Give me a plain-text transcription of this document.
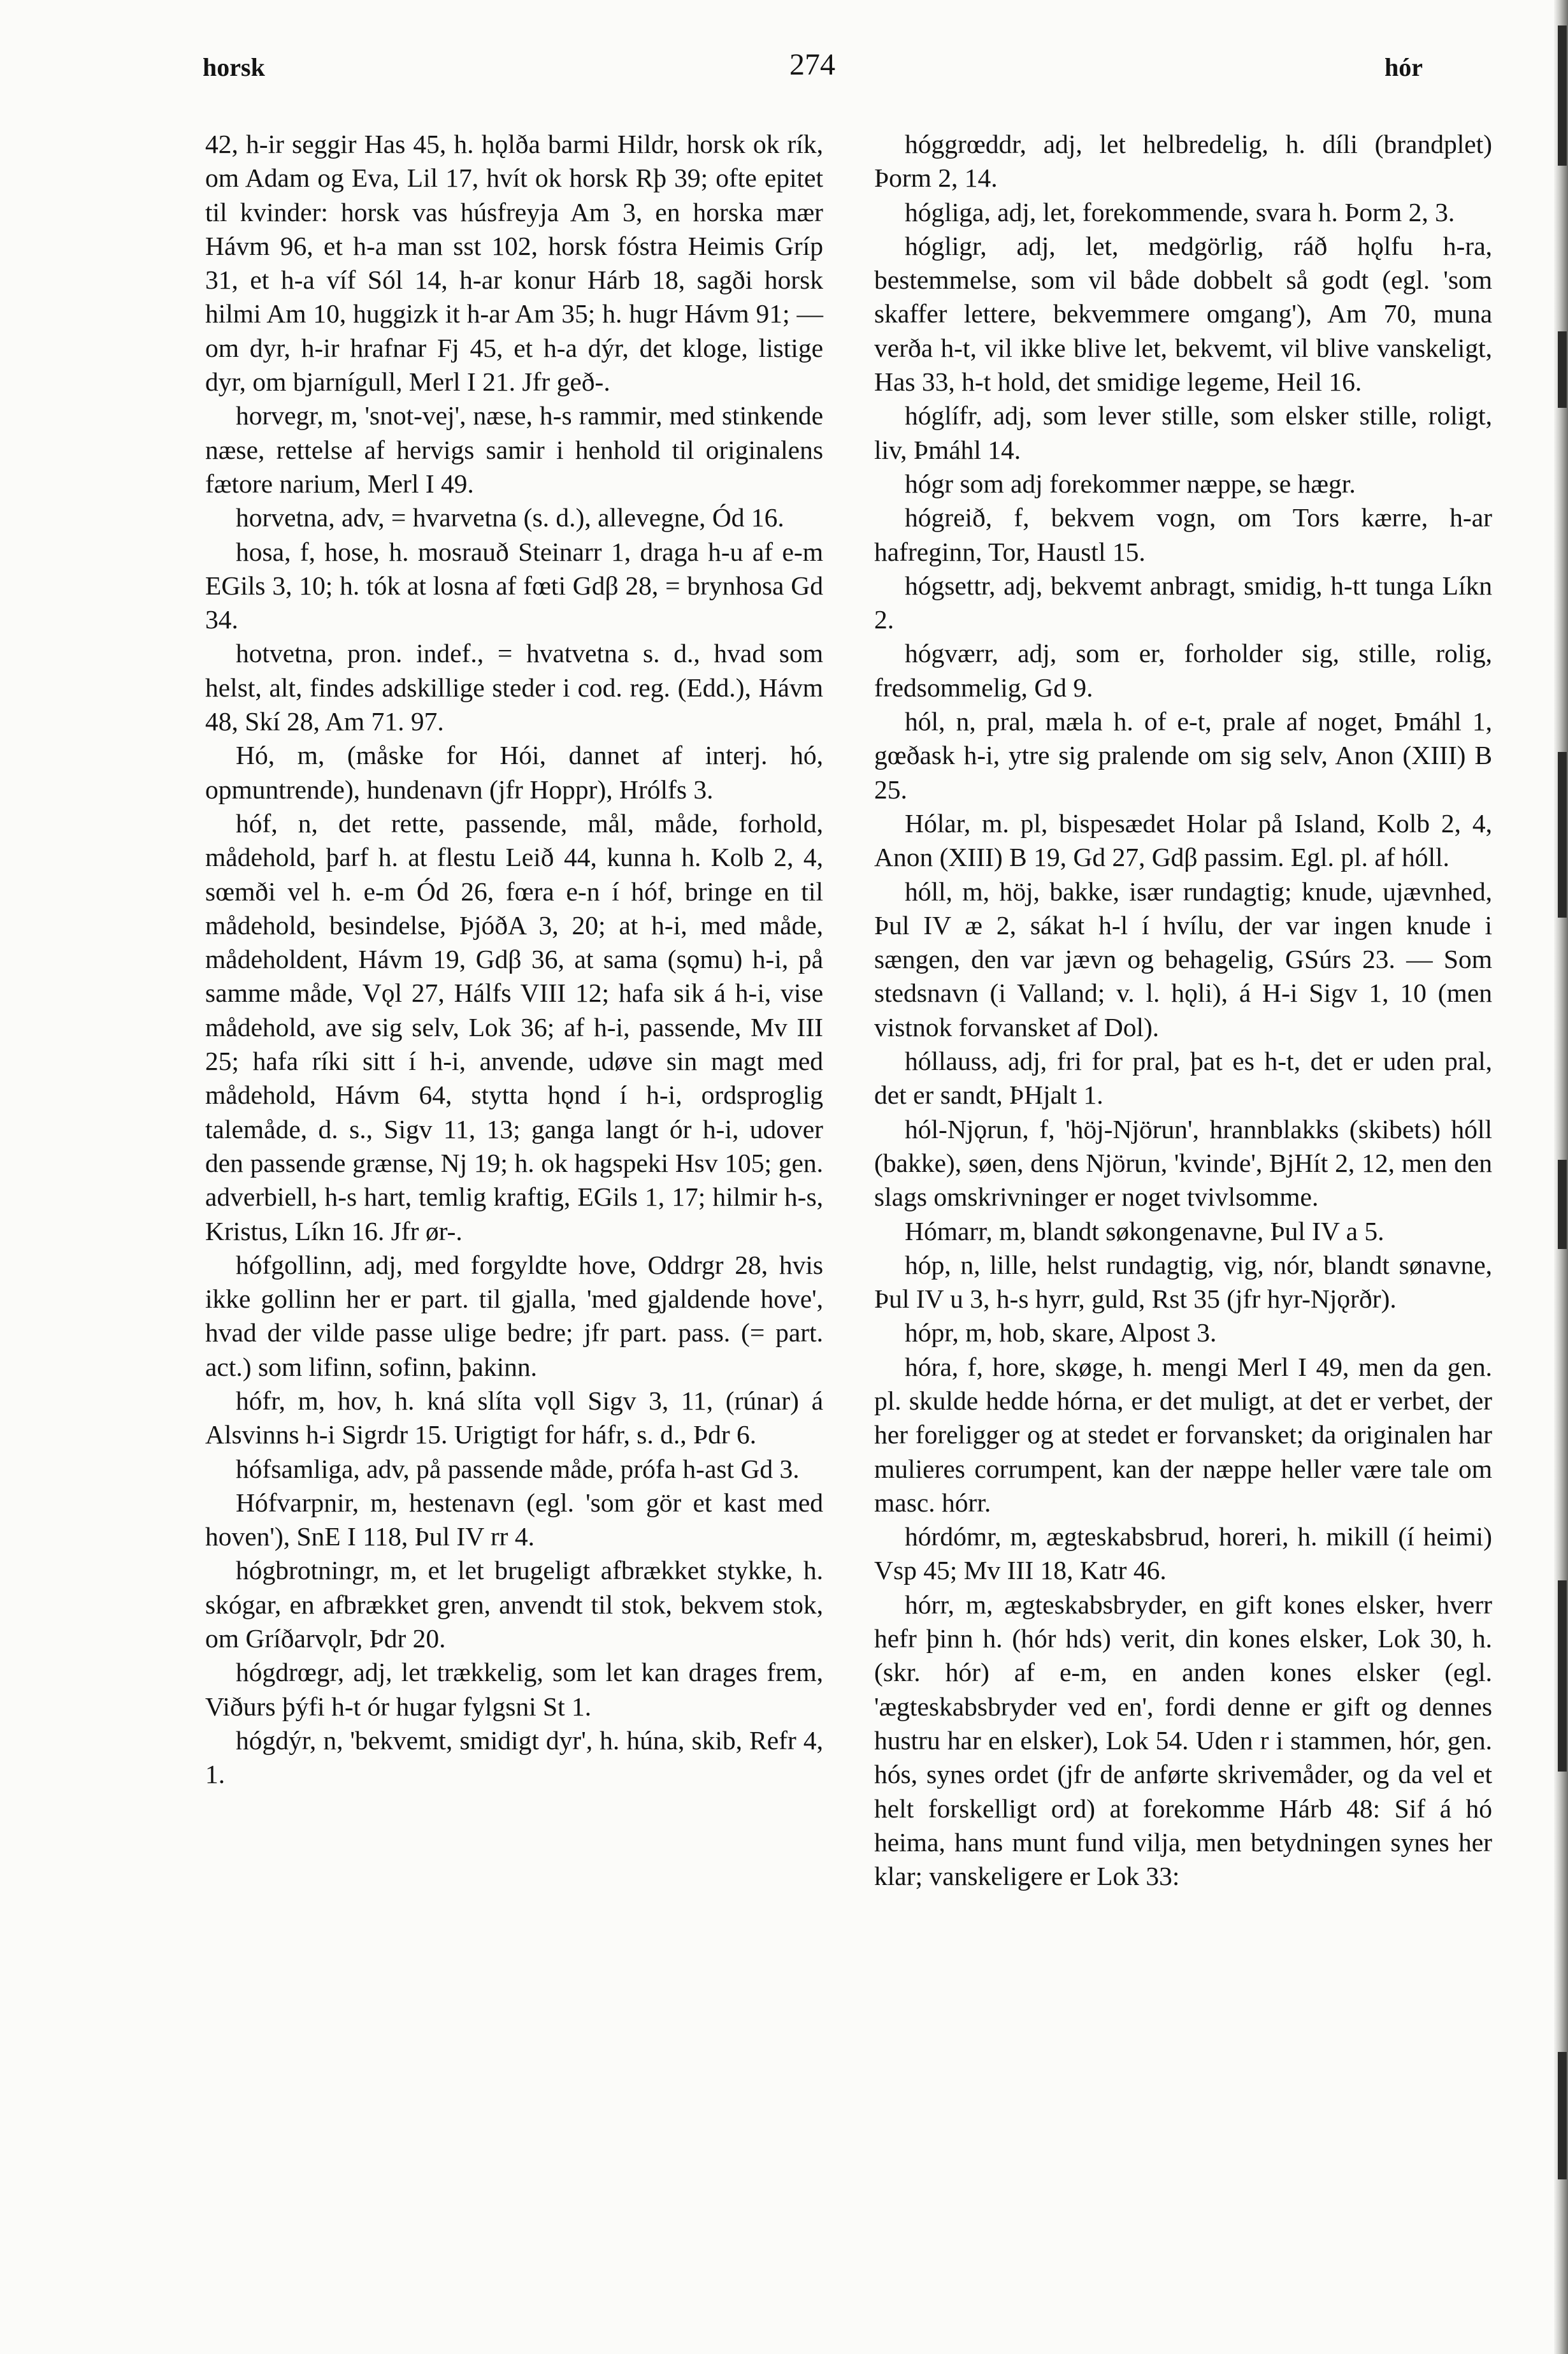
horsk	274	hór

42, h-ir seggir Has 45, h. hǫlða barmi Hildr, horsk ok rík, om Adam og Eva, Lil 17, hvít ok horsk Rþ 39; ofte epitet til kvinder: horsk vas húsfreyja Am 3, en horska mær Hávm 96, et h-a man sst 102, horsk fóstra Heimis Gríp 31, et h-a víf Sól 14, h-ar konur Hárb 18, sagði horsk hilmi Am 10, huggizk it h-ar Am 35; h. hugr Hávm 91; — om dyr, h-ir hrafnar Fj 45, et h-a dýr, det kloge, listige dyr, om bjarnígull, Merl I 21. Jfr geð-.

horvegr, m, 'snot-vej', næse, h-s rammir, med stinkende næse, rettelse af hervigs samir i henhold til originalens fætore narium, Merl I 49.

horvetna, adv, = hvarvetna (s. d.), allevegne, Ód 16.

hosa, f, hose, h. mosrauð Steinarr 1, draga h-u af e-m EGils 3, 10; h. tók at losna af fœti Gdβ 28, = brynhosa Gd 34.

hotvetna, pron. indef., = hvatvetna s. d., hvad som helst, alt, findes adskillige steder i cod. reg. (Edd.), Hávm 48, Skí 28, Am 71. 97.

Hó, m, (måske for Hói, dannet af interj. hó, opmuntrende), hundenavn (jfr Hoppr), Hrólfs 3.

hóf, n, det rette, passende, mål, måde, forhold, mådehold, þarf h. at flestu Leið 44, kunna h. Kolb 2, 4, sœmði vel h. e-m Ód 26, fœra e-n í hóf, bringe en til mådehold, besindelse, ÞjóðA 3, 20; at h-i, med måde, mådeholdent, Hávm 19, Gdβ 36, at sama (sǫmu) h-i, på samme måde, Vǫl 27, Hálfs VIII 12; hafa sik á h-i, vise mådehold, ave sig selv, Lok 36; af h-i, passende, Mv III 25; hafa ríki sitt í h-i, anvende, udøve sin magt med mådehold, Hávm 64, stytta hǫnd í h-i, ordsproglig talemåde, d. s., Sigv 11, 13; ganga langt ór h-i, udover den passende grænse, Nj 19; h. ok hagspeki Hsv 105; gen. adverbiell, h-s hart, temlig kraftig, EGils 1, 17; hilmir h-s, Kristus, Líkn 16. Jfr ør-.

hófgollinn, adj, med forgyldte hove, Oddrgr 28, hvis ikke gollinn her er part. til gjalla, 'med gjaldende hove', hvad der vilde passe ulige bedre; jfr part. pass. (= part. act.) som lifinn, sofinn, þakinn.

hófr, m, hov, h. kná slíta vǫll Sigv 3, 11, (rúnar) á Alsvinns h-i Sigrdr 15. Urigtigt for háfr, s. d., Þdr 6.

hófsamliga, adv, på passende måde, prófa h-ast Gd 3.

Hófvarpnir, m, hestenavn (egl. 'som gör et kast med hoven'), SnE I 118, Þul IV rr 4.

hógbrotningr, m, et let brugeligt afbrækket stykke, h. skógar, en afbrækket gren, anvendt til stok, bekvem stok, om Gríðarvǫlr, Þdr 20.

hógdrœgr, adj, let trækkelig, som let kan drages frem, Viðurs þýfi h-t ór hugar fylgsni St 1.

hógdýr, n, 'bekvemt, smidigt dyr', h. húna, skib, Refr 4, 1.

hóggrœddr, adj, let helbredelig, h. díli (brandplet) Þorm 2, 14.

hógliga, adj, let, forekommende, svara h. Þorm 2, 3.

hógligr, adj, let, medgörlig, ráð hǫlfu h-ra, bestemmelse, som vil både dobbelt så godt (egl. 'som skaffer lettere, bekvemmere omgang'), Am 70, muna verða h-t, vil ikke blive let, bekvemt, vil blive vanskeligt, Has 33, h-t hold, det smidige legeme, Heil 16.

hóglífr, adj, som lever stille, som elsker stille, roligt, liv, Þmáhl 14.

hógr som adj forekommer næppe, se hægr.

hógreið, f, bekvem vogn, om Tors kærre, h-ar hafreginn, Tor, Haustl 15.

hógsettr, adj, bekvemt anbragt, smidig, h-tt tunga Líkn 2.

hógværr, adj, som er, forholder sig, stille, rolig, fredsommelig, Gd 9.

hól, n, pral, mæla h. of e-t, prale af noget, Þmáhl 1, gœðask h-i, ytre sig pralende om sig selv, Anon (XIII) B 25.

Hólar, m. pl, bispesædet Holar på Island, Kolb 2, 4, Anon (XIII) B 19, Gd 27, Gdβ passim. Egl. pl. af hóll.

hóll, m, höj, bakke, især rundagtig; knude, ujævnhed, Þul IV æ 2, sákat h-l í hvílu, der var ingen knude i sængen, den var jævn og behagelig, GSúrs 23. — Som stedsnavn (i Valland; v. l. hǫli), á H-i Sigv 1, 10 (men vistnok forvansket af Dol).

hóllauss, adj, fri for pral, þat es h-t, det er uden pral, det er sandt, ÞHjalt 1.

hól-Njǫrun, f, 'höj-Njörun', hrannblakks (skibets) hóll (bakke), søen, dens Njörun, 'kvinde', BjHít 2, 12, men den slags omskrivninger er noget tvivlsomme.

Hómarr, m, blandt søkongenavne, Þul IV a 5.

hóp, n, lille, helst rundagtig, vig, nór, blandt sønavne, Þul IV u 3, h-s hyrr, guld, Rst 35 (jfr hyr-Njǫrðr).

hópr, m, hob, skare, Alpost 3.

hóra, f, hore, skøge, h. mengi Merl I 49, men da gen. pl. skulde hedde hórna, er det muligt, at det er verbet, der her foreligger og at stedet er forvansket; da originalen har mulieres corrumpent, kan der næppe heller være tale om masc. hórr.

hórdómr, m, ægteskabsbrud, horeri, h. mikill (í heimi) Vsp 45; Mv III 18, Katr 46.

hórr, m, ægteskabsbryder, en gift kones elsker, hverr hefr þinn h. (hór hds) verit, din kones elsker, Lok 30, h. (skr. hór) af e-m, en anden kones elsker (egl. 'ægteskabsbryder ved en', fordi denne er gift og dennes hustru har en elsker), Lok 54. Uden r i stammen, hór, gen. hós, synes ordet (jfr de anførte skrivemåder, og da vel et helt forskelligt ord) at forekomme Hárb 48: Sif á hó heima, hans munt fund vilja, men betydningen synes her klar; vanskeligere er Lok 33:
